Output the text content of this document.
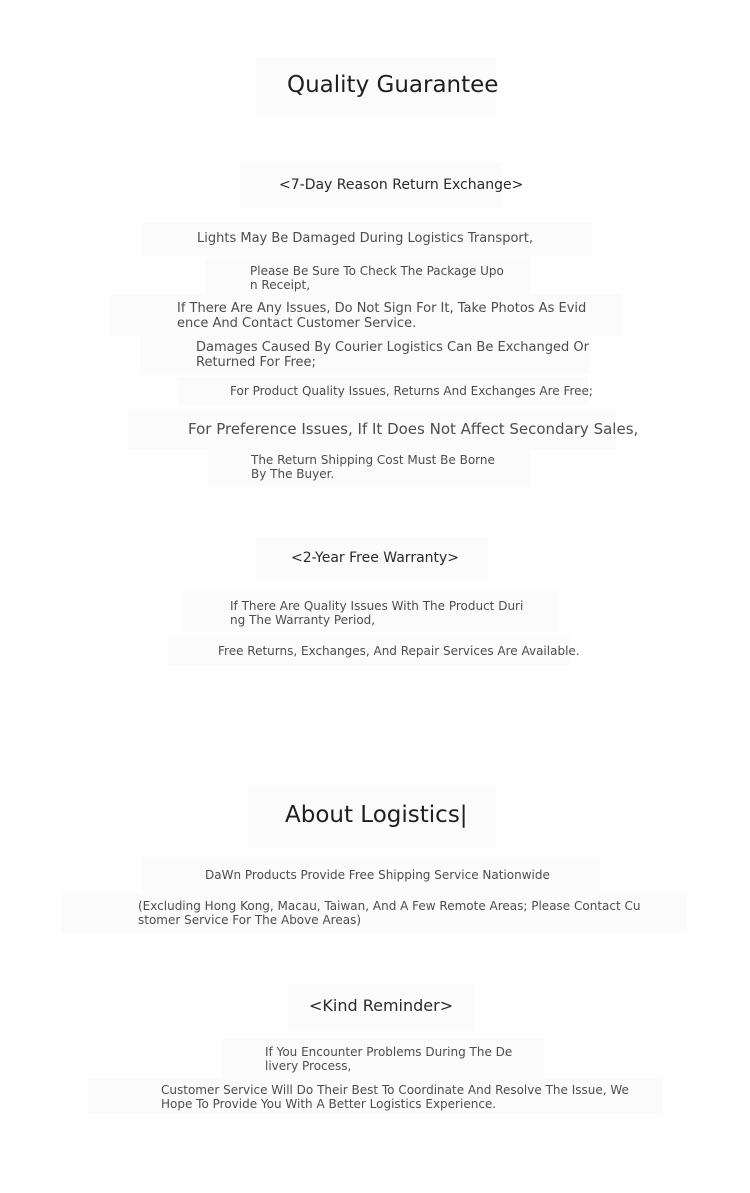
Quality Guarantee
<7-Day Reason Return Exchange>
Lights May Be Damaged During Logistics Transport,
Please Be Sure To Check The Package Upo
n Receipt,
If There Are Any Issues, Do Not Sign For It, Take Photos As Evid
ence And Contact Customer Service.
Damages Caused By Courier Logistics Can Be Exchanged Or
Returned For Free;
For Product Quality Issues, Returns And Exchanges Are Free;
For Preference Issues, If It Does Not Affect Secondary Sales,
The Return Shipping Cost Must Be Borne
By The Buyer.
<2-Year Free Warranty>
If There Are Quality Issues With The Product Duri
ng The Warranty Period,
Free Returns, Exchanges, And Repair Services Are Available.
About Logistics|
DaWn Products Provide Free Shipping Service Nationwide
(Excluding Hong Kong, Macau, Taiwan, And A Few Remote Areas; Please Contact Cu
stomer Service For The Above Areas)
<Kind Reminder>
If You Encounter Problems During The De
livery Process,
Customer Service Will Do Their Best To Coordinate And Resolve The Issue, We
Hope To Provide You With A Better Logistics Experience.
